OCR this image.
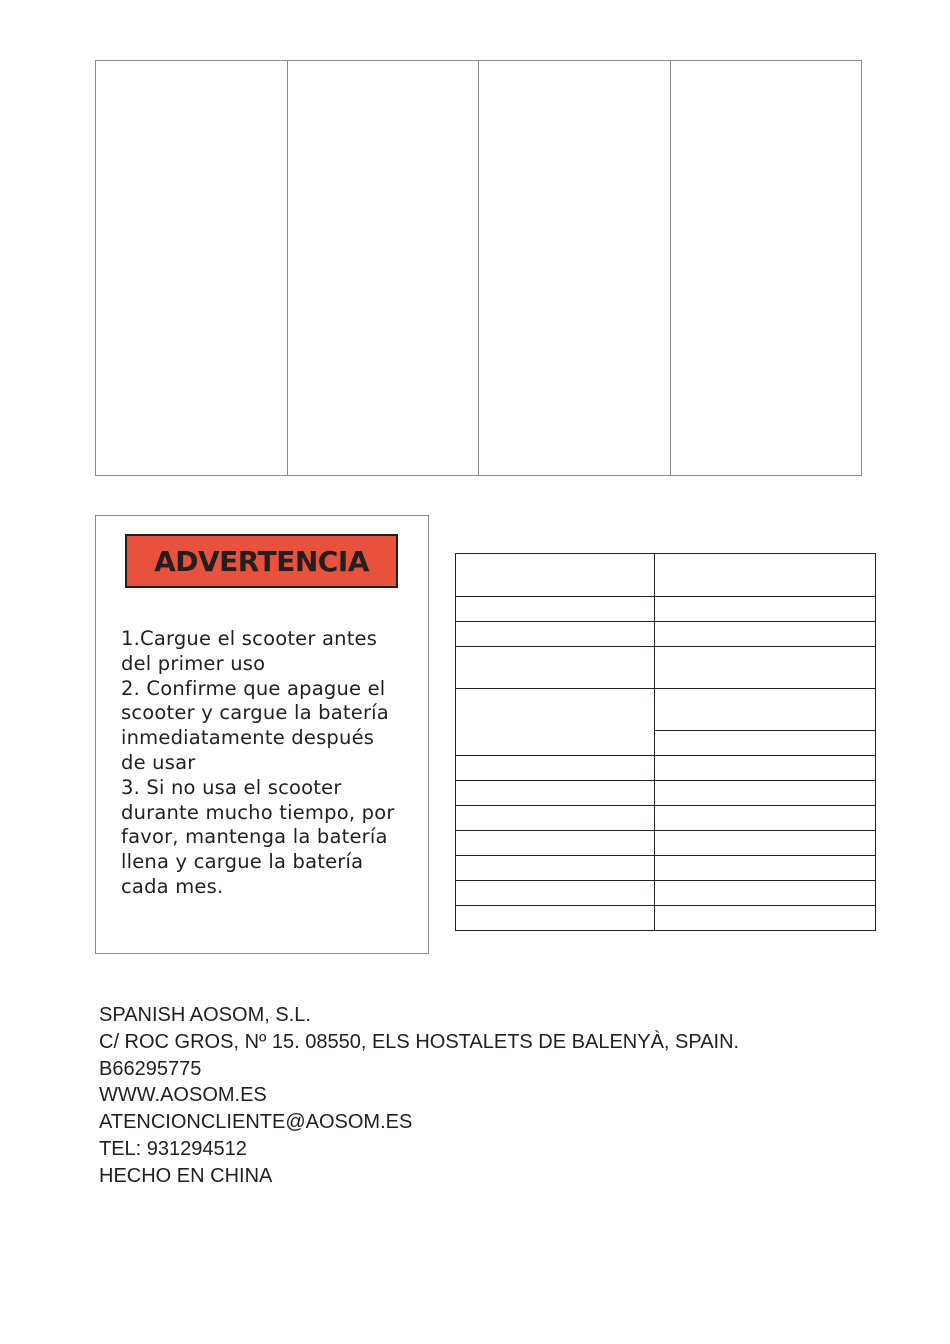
ADVERTENCIA
1.Cargue el scooter antes
del primer uso
2. Confirme que apague el
scooter y cargue la batería
inmediatamente después
de usar
3. Si no usa el scooter
durante mucho tiempo, por
favor, mantenga la batería
llena y cargue la batería
cada mes.

SPANISH AOSOM, S.L.
C/ ROC GROS, Nº 15. 08550, ELS HOSTALETS DE BALENYÀ, SPAIN.
B66295775
WWW.AOSOM.ES
ATENCIONCLIENTE@AOSOM.ES
TEL: 931294512
HECHO EN CHINA
